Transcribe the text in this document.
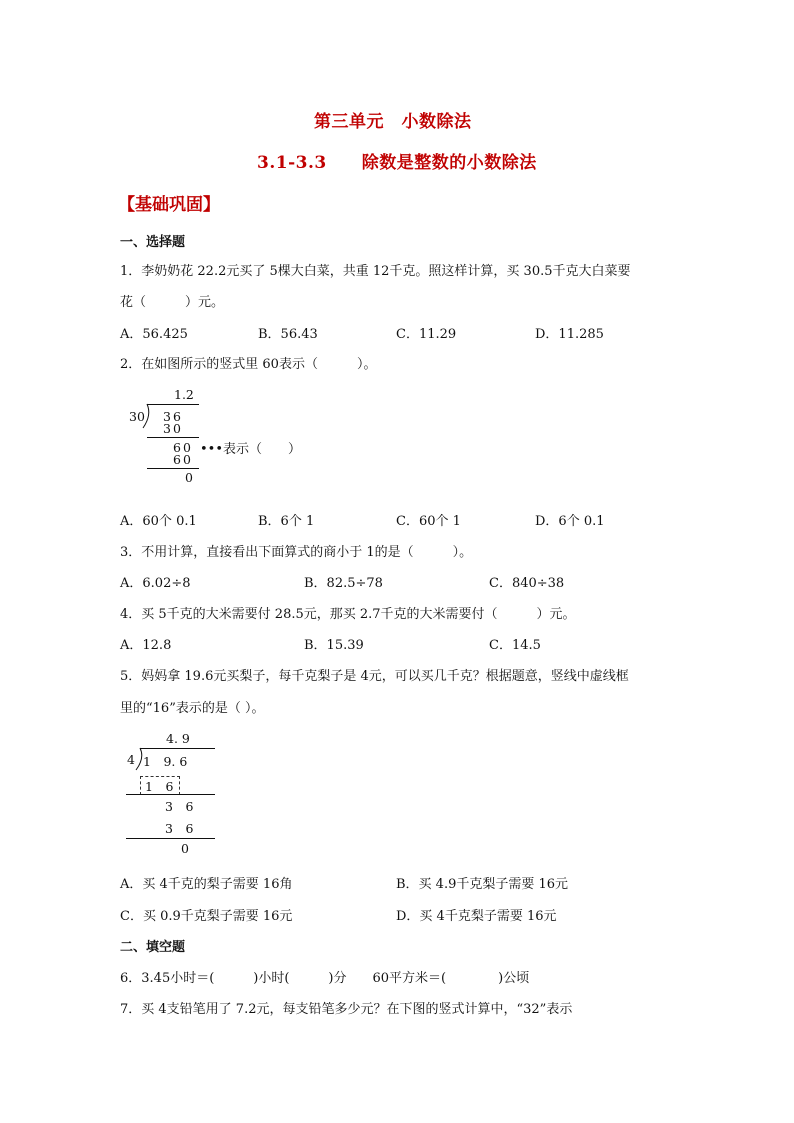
第三单元　小数除法
3.1-3.3　　除数是整数的小数除法
【基础巩固】
一、选择题
1．李奶奶花 22.2元买了 5棵大白菜，共重 12千克。照这样计算，买 30.5千克大白菜要
花（　　　）元。
A．56.425	B．56.43	C．11.29	D．11.285
2．在如图所示的竖式里 60表示（　　　）。
1.2
30 36
30
60 •••表示（　　）
60
0
A．60个 0.1	B．6个 1	C．60个 1	D．6个 0.1
3．不用计算，直接看出下面算式的商小于 1的是（　　　）。
A．6.02÷8	B．82.5÷78	C．840÷38
4．买 5千克的大米需要付 28.5元，那买 2.7千克的大米需要付（　　　）元。
A．12.8	B．15.39	C．14.5
5．妈妈拿 19.6元买梨子，每千克梨子是 4元，可以买几千克？根据题意，竖线中虚线框
里的“16”表示的是（ ）。
4. 9
4 1　9. 6
1　6
3　6
3　6
0
A．买 4千克的梨子需要 16角	B．买 4.9千克梨子需要 16元
C．买 0.9千克梨子需要 16元	D．买 4千克梨子需要 16元
二、填空题
6．3.45小时＝(　　　)小时(　　　)分　　60平方米＝(　　　　)公顷
7．买 4支铅笔用了 7.2元，每支铅笔多少元？在下图的竖式计算中，“32”表示
